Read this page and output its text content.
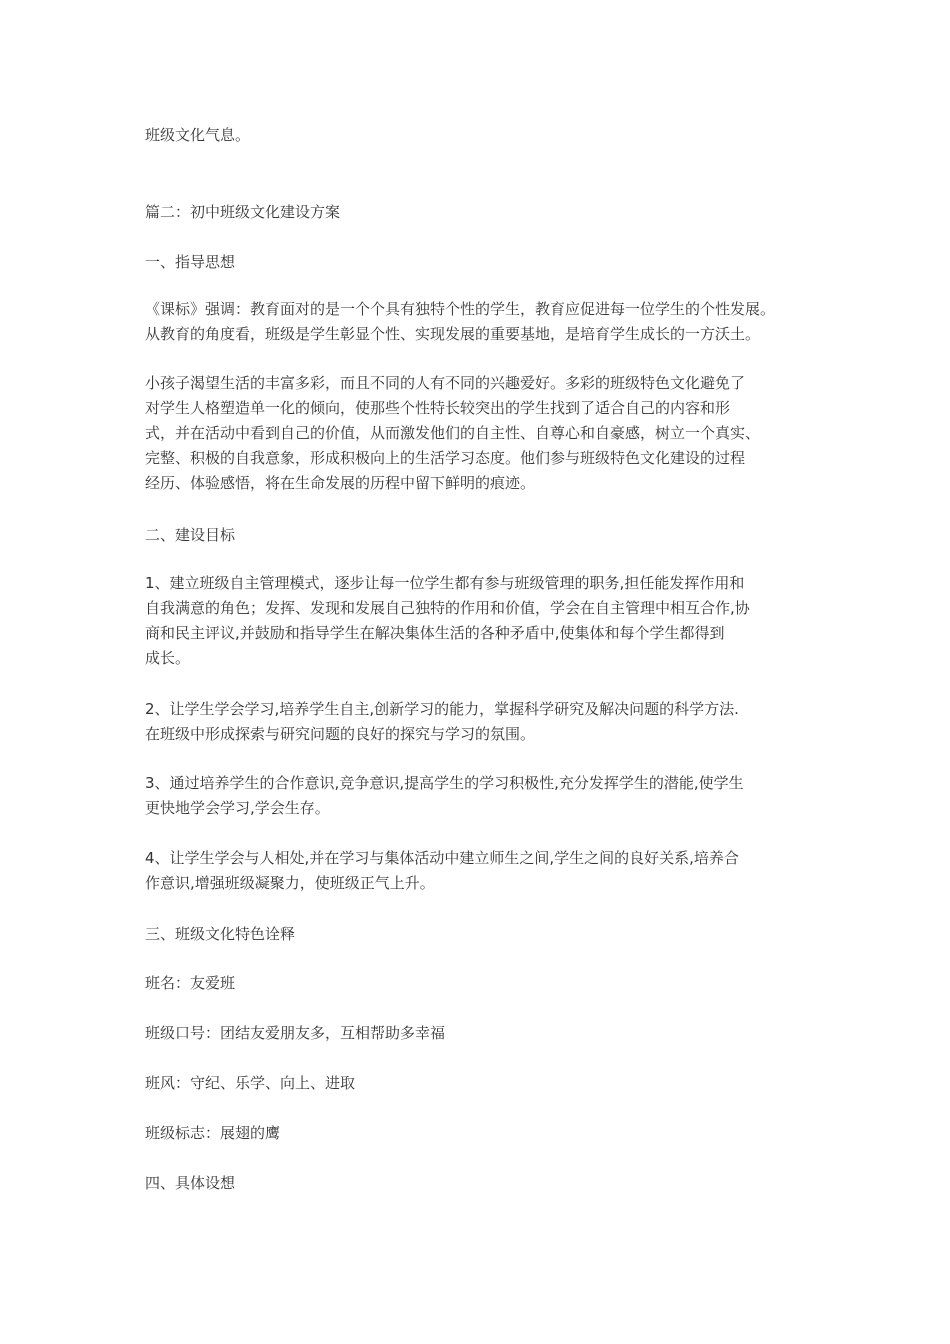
班级文化气息。

篇二：初中班级文化建设方案

一、指导思想

《课标》强调：教育面对的是一个个具有独特个性的学生，教育应促进每一位学生的个性发展。
从教育的角度看，班级是学生彰显个性、实现发展的重要基地，是培育学生成长的一方沃土。

小孩子渴望生活的丰富多彩，而且不同的人有不同的兴趣爱好。多彩的班级特色文化避免了
对学生人格塑造单一化的倾向，使那些个性特长较突出的学生找到了适合自己的内容和形
式，并在活动中看到自己的价值，从而激发他们的自主性、自尊心和自豪感，树立一个真实、
完整、积极的自我意象，形成积极向上的生活学习态度。他们参与班级特色文化建设的过程
经历、体验感悟，将在生命发展的历程中留下鲜明的痕迹。

二、建设目标

1、建立班级自主管理模式，逐步让每一位学生都有参与班级管理的职务,担任能发挥作用和
自我满意的角色；发挥、发现和发展自己独特的作用和价值，学会在自主管理中相互合作,协
商和民主评议,并鼓励和指导学生在解决集体生活的各种矛盾中,使集体和每个学生都得到
成长。

2、让学生学会学习,培养学生自主,创新学习的能力，掌握科学研究及解决问题的科学方法.
在班级中形成探索与研究问题的良好的探究与学习的氛围。

3、通过培养学生的合作意识,竞争意识,提高学生的学习积极性,充分发挥学生的潜能,使学生
更快地学会学习,学会生存。

4、让学生学会与人相处,并在学习与集体活动中建立师生之间,学生之间的良好关系,培养合
作意识,增强班级凝聚力，使班级正气上升。

三、班级文化特色诠释

班名：友爱班

班级口号：团结友爱朋友多，互相帮助多幸福

班风：守纪、乐学、向上、进取

班级标志：展翅的鹰

四、具体设想
